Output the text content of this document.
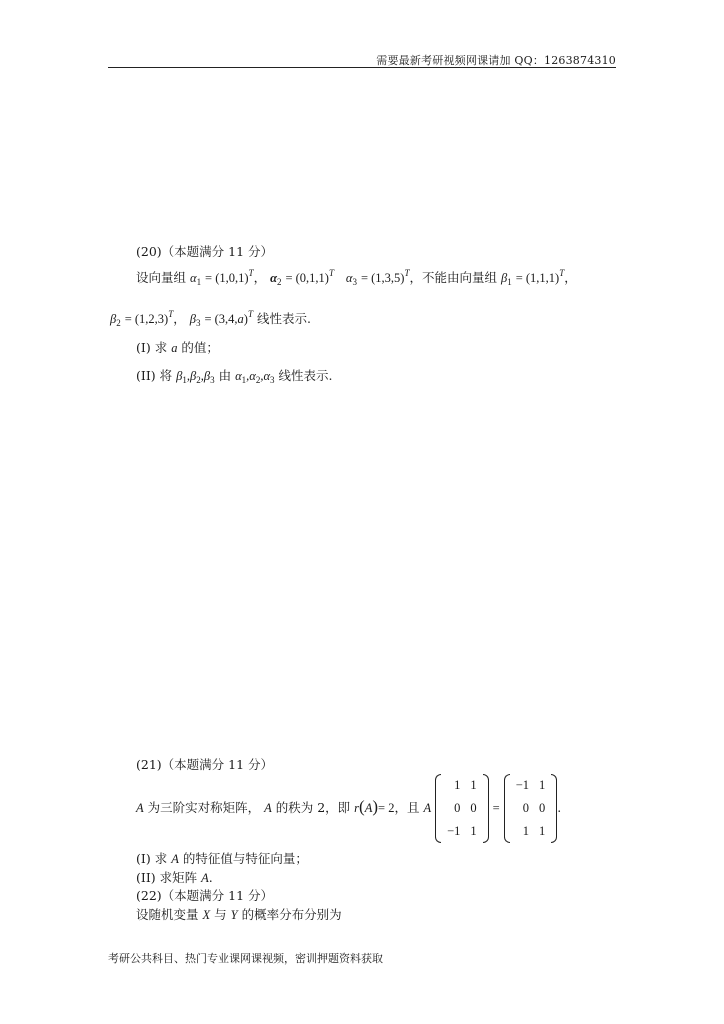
需要最新考研视频网课请加 QQ：1263874310
(20)（本题满分 11 分）
设向量组 $\alpha_1 = (1,0,1)^T$， $\alpha_2 = (0,1,1)^T$ $\alpha_3 = (1,3,5)^T$，不能由向量组 $\beta_1 = (1,1,1)^T$，
$\beta_2 = (1,2,3)^T$， $\beta_3 = (3,4,a)^T$ 线性表示.
(I) 求 a 的值；
(II) 将 $\beta_1,\beta_2,\beta_3$ 由 $\alpha_1,\alpha_2,\alpha_3$ 线性表示.
(21)（本题满分 11 分）
A 为三阶实对称矩阵， A 的秩为 2，即 r(A)= 2，且 A
1	1
0	0
−1	1
=
−1	1
0	0
1	1
.
(I) 求 A 的特征值与特征向量；
(II) 求矩阵 A.
(22)（本题满分 11 分）
设随机变量 X 与 Y 的概率分布分别为
考研公共科目、热门专业课网课视频，密训押题资料获取
